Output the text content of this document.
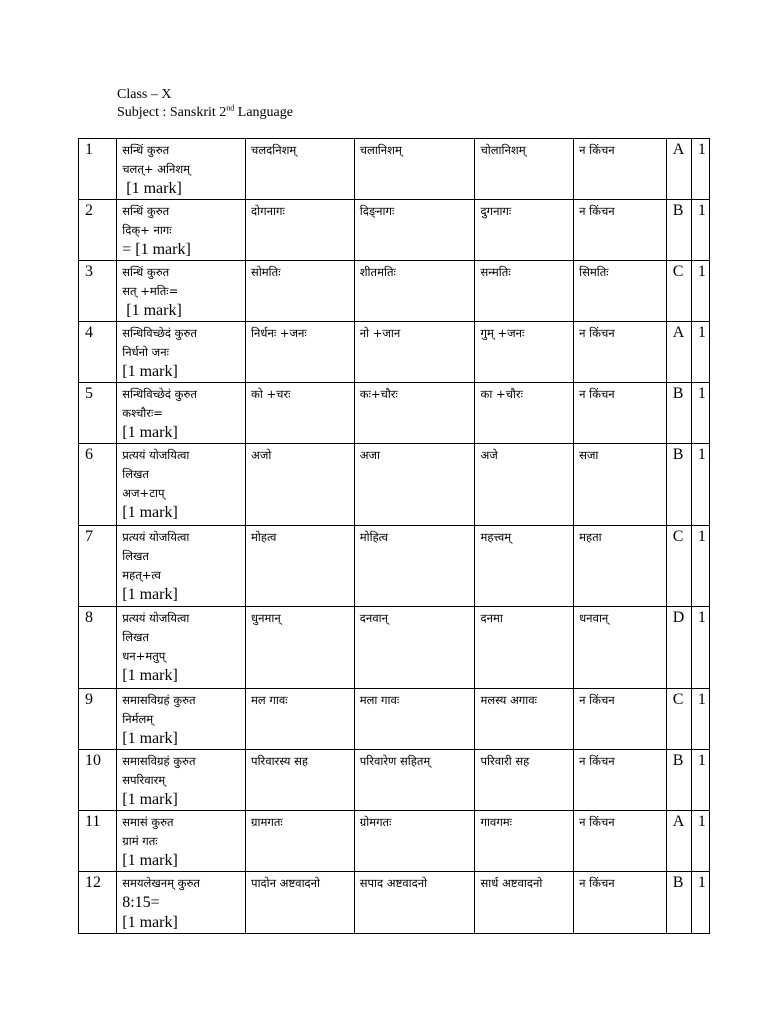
Class – X
Subject : Sanskrit 2nd Language
1	सन्धिं कुरुत
चलत्+ अनिशम्
[1 mark]	चलदनिशम्	चलानिशम्	चोलानिशम्	न किंचन	A	1
2	सन्धिं कुरुत
दिक्+ नागः
= [1 mark]	दोगनागः	दिङ्नागः	दुगनागः	न किंचन	B	1
3	सन्धिं कुरुत
सत् +मतिः=
[1 mark]	सोमतिः	शीतमतिः	सन्मतिः	सिमतिः	C	1
4	सन्धिविच्छेदं कुरुत
निर्धनो जनः
[1 mark]	निर्धनः +जनः	नो +जान	गुम् +जनः	न किंचन	A	1
5	सन्धिविच्छेदं कुरुत
कश्चौरः=
[1 mark]	को +चरः	कः+चौरः	का +चौरः	न किंचन	B	1
6	प्रत्ययं योजयित्वा
लिखत
अज+टाप्
[1 mark]	अजो	अजा	अजे	सजा	B	1
7	प्रत्ययं योजयित्वा
लिखत
महत्+त्व
[1 mark]	मोहत्व	मोहित्व	महत्त्वम्	महता	C	1
8	प्रत्ययं योजयित्वा
लिखत
धन+मतुप्
[1 mark]	धुनमान्	दनवान्	दनमा	धनवान्	D	1
9	समासविग्रहं कुरुत
निर्मलम्
[1 mark]	मल गावः	मला गावः	मलस्य अगावः	न किंचन	C	1
10	समासविग्रहं कुरुत
सपरिवारम्
[1 mark]	परिवारस्य सह	परिवारेण सहितम्	परिवारी सह	न किंचन	B	1
11	समासं कुरुत
ग्रामं गतः
[1 mark]	ग्रामगतः	ग्रोमगतः	गावगमः	न किंचन	A	1
12	समयलेखनम् कुरुत
8:15=
[1 mark]	पादोन अष्टवादनो	सपाद अष्टवादनो	सार्ध अष्टवादनो	न किंचन	B	1
